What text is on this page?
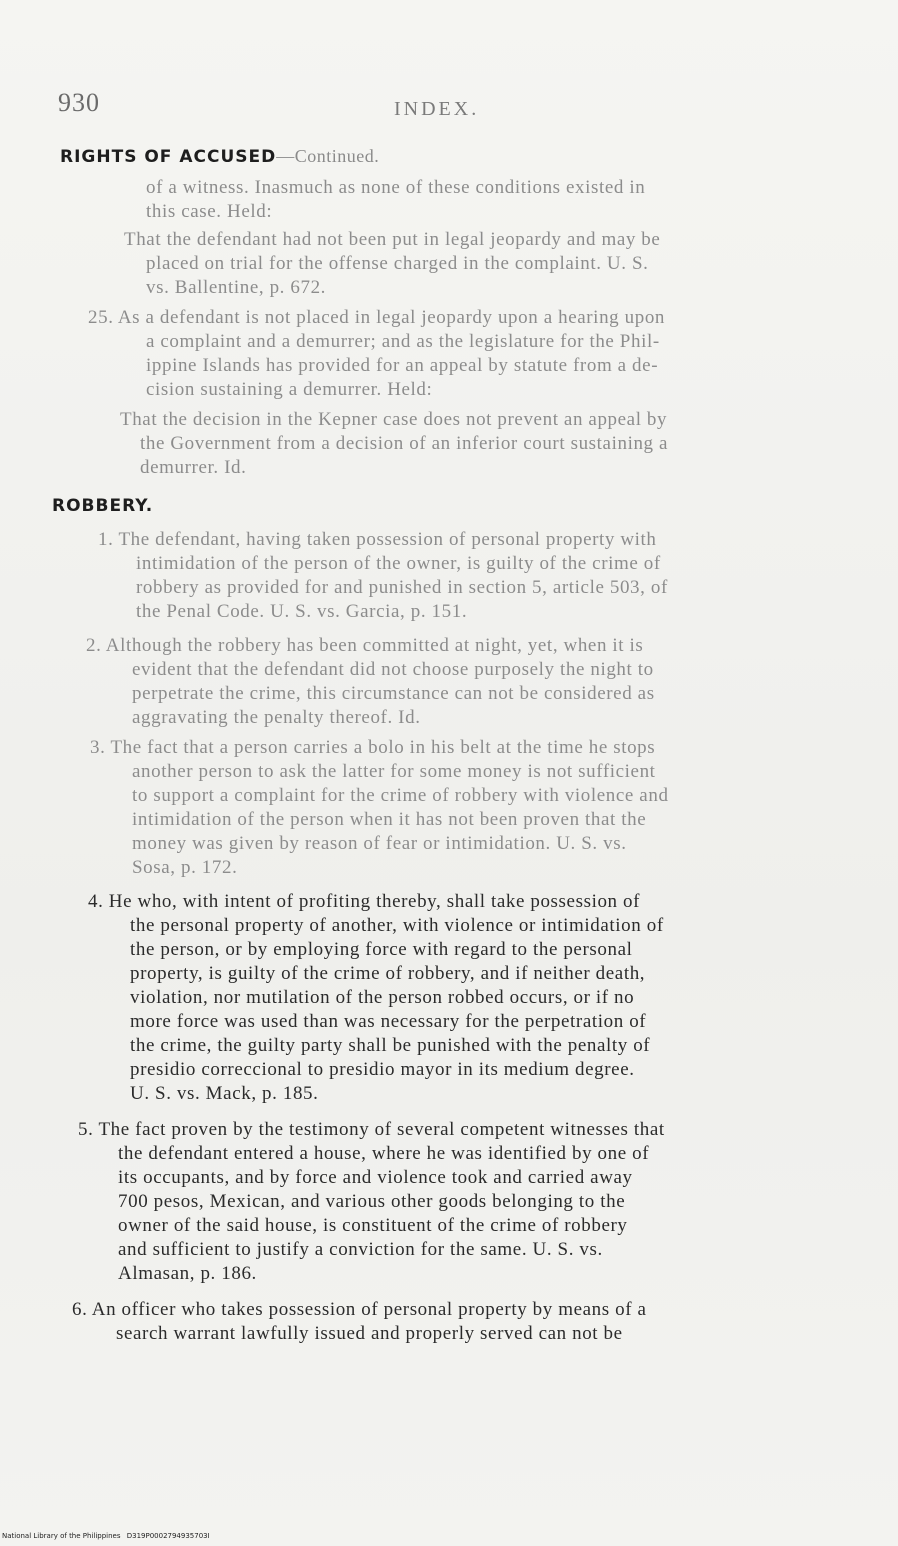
930	INDEX.
RIGHTS OF ACCUSED—Continued.
of a witness. Inasmuch as none of these conditions existed in
this case. Held:
That the defendant had not been put in legal jeopardy and may be
placed on trial for the offense charged in the complaint. U. S.
vs. Ballentine, p. 672.
25. As a defendant is not placed in legal jeopardy upon a hearing upon
a complaint and a demurrer; and as the legislature for the Phil-
ippine Islands has provided for an appeal by statute from a de-
cision sustaining a demurrer. Held:
That the decision in the Kepner case does not prevent an appeal by
the Government from a decision of an inferior court sustaining a
demurrer. Id.
ROBBERY.
1. The defendant, having taken possession of personal property with
intimidation of the person of the owner, is guilty of the crime of
robbery as provided for and punished in section 5, article 503, of
the Penal Code. U. S. vs. Garcia, p. 151.
2. Although the robbery has been committed at night, yet, when it is
evident that the defendant did not choose purposely the night to
perpetrate the crime, this circumstance can not be considered as
aggravating the penalty thereof. Id.
3. The fact that a person carries a bolo in his belt at the time he stops
another person to ask the latter for some money is not sufficient
to support a complaint for the crime of robbery with violence and
intimidation of the person when it has not been proven that the
money was given by reason of fear or intimidation. U. S. vs.
Sosa, p. 172.
4. He who, with intent of profiting thereby, shall take possession of
the personal property of another, with violence or intimidation of
the person, or by employing force with regard to the personal
property, is guilty of the crime of robbery, and if neither death,
violation, nor mutilation of the person robbed occurs, or if no
more force was used than was necessary for the perpetration of
the crime, the guilty party shall be punished with the penalty of
presidio correccional to presidio mayor in its medium degree.
U. S. vs. Mack, p. 185.
5. The fact proven by the testimony of several competent witnesses that
the defendant entered a house, where he was identified by one of
its occupants, and by force and violence took and carried away
700 pesos, Mexican, and various other goods belonging to the
owner of the said house, is constituent of the crime of robbery
and sufficient to justify a conviction for the same. U. S. vs.
Almasan, p. 186.
6. An officer who takes possession of personal property by means of a
search warrant lawfully issued and properly served can not be
National Library of the Philippines D319P0002794935703I
